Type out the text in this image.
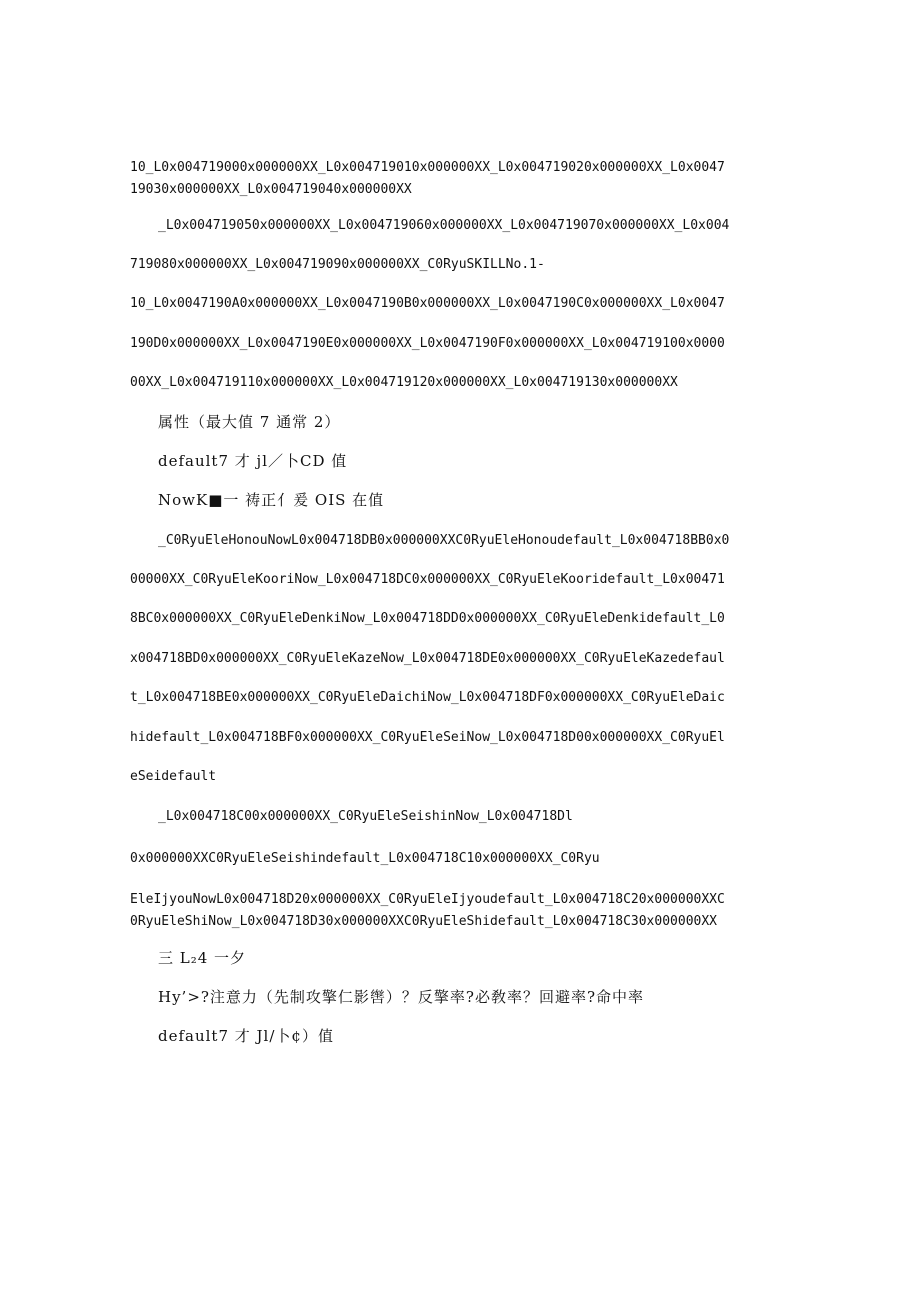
10_L0x004719000x000000XX_L0x004719010x000000XX_L0x004719020x000000XX_L0x0047
19030x000000XX_L0x004719040x000000XX
_L0x004719050x000000XX_L0x004719060x000000XX_L0x004719070x000000XX_L0x004
719080x000000XX_L0x004719090x000000XX_C0RyuSKILLNo.1-
10_L0x0047190A0x000000XX_L0x0047190B0x000000XX_L0x0047190C0x000000XX_L0x0047
190D0x000000XX_L0x0047190E0x000000XX_L0x0047190F0x000000XX_L0x004719100x0000
00XX_L0x004719110x000000XX_L0x004719120x000000XX_L0x004719130x000000XX
属性（最大值 7 通常 2）
default7 才 jl／卜CD 值
NowK■一 祷正亻爰 OIS 在值
_C0RyuEleHonouNowL0x004718DB0x000000XXC0RyuEleHonoudefault_L0x004718BB0x0
00000XX_C0RyuEleKooriNow_L0x004718DC0x000000XX_C0RyuEleKooridefault_L0x00471
8BC0x000000XX_C0RyuEleDenkiNow_L0x004718DD0x000000XX_C0RyuEleDenkidefault_L0
x004718BD0x000000XX_C0RyuEleKazeNow_L0x004718DE0x000000XX_C0RyuEleKazedefaul
t_L0x004718BE0x000000XX_C0RyuEleDaichiNow_L0x004718DF0x000000XX_C0RyuEleDaic
hidefault_L0x004718BF0x000000XX_C0RyuEleSeiNow_L0x004718D00x000000XX_C0RyuEl
eSeidefault
_L0x004718C00x000000XX_C0RyuEleSeishinNow_L0x004718Dl
0x000000XXC0RyuEleSeishindefault_L0x004718C10x000000XX_C0Ryu
EleIjyouNowL0x004718D20x000000XX_C0RyuEleIjyoudefault_L0x004718C20x000000XXC
0RyuEleShiNow_L0x004718D30x000000XXC0RyuEleShidefault_L0x004718C30x000000XX
三 L₂4 一夕
Hy’>?注意力（先制攻擎仁影辔）？反擎率?必敎率？回避率?命中率
default7 才 Jl/卜¢）值
